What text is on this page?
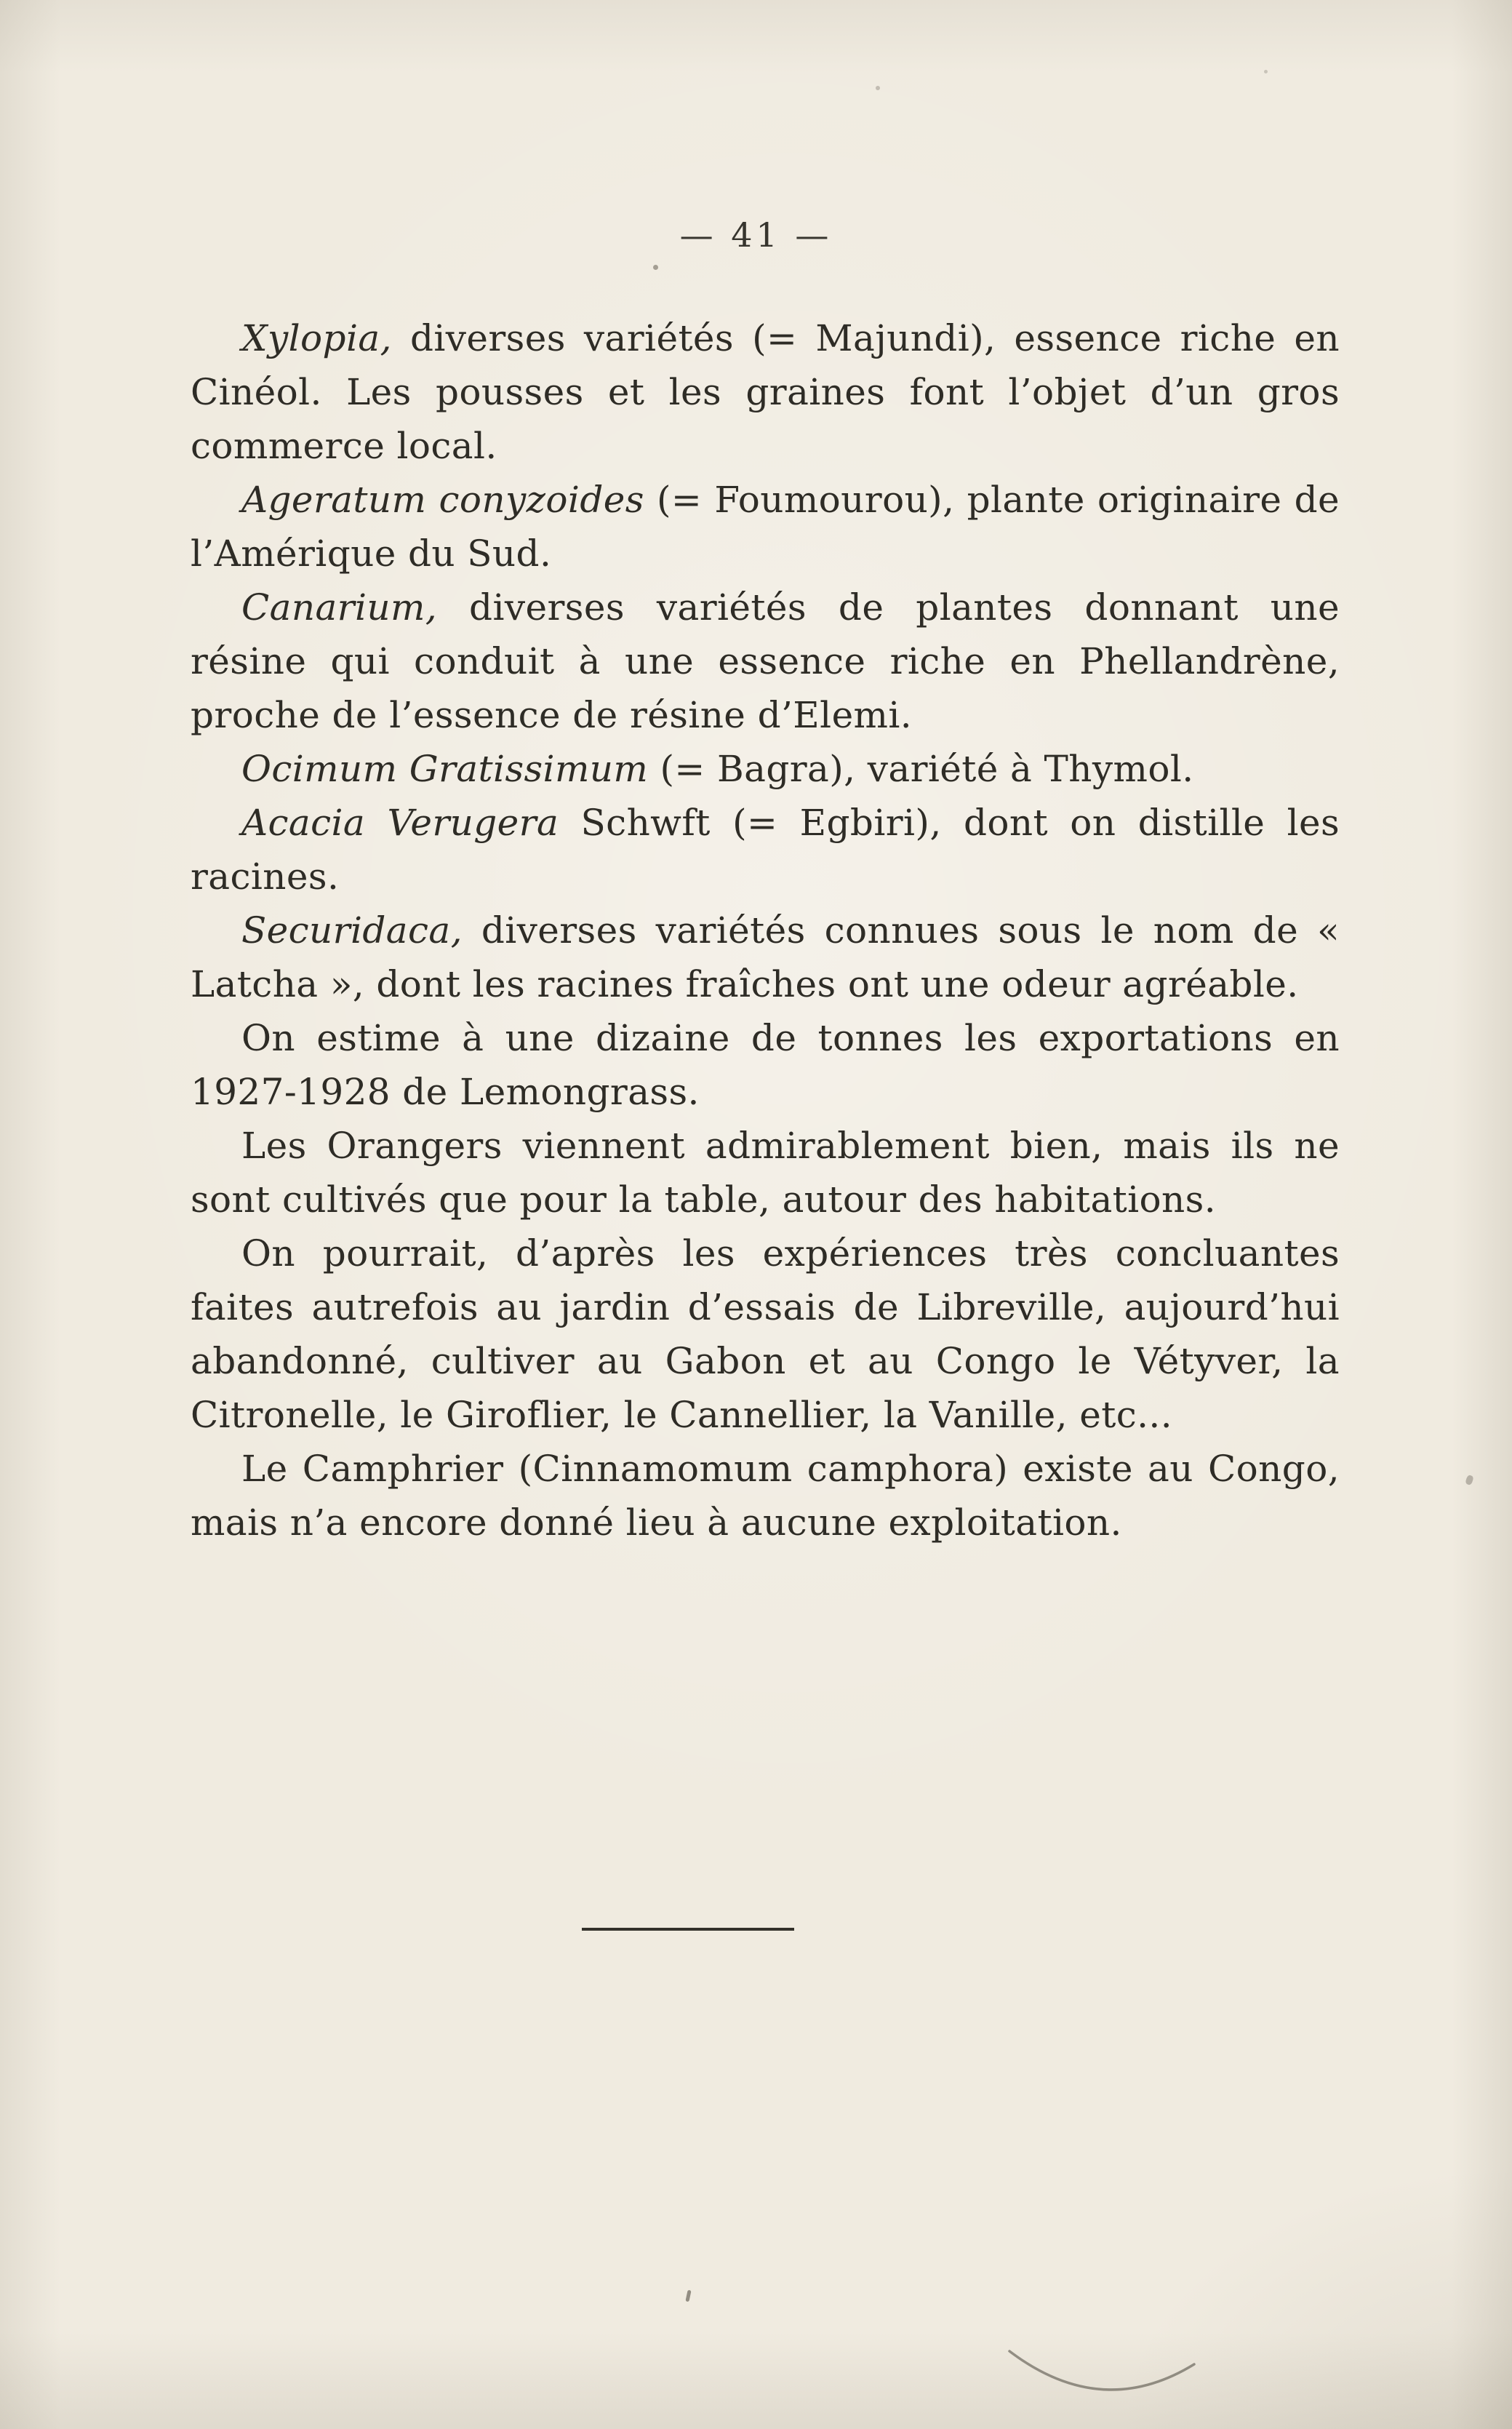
— 41 —

Xylopia, diverses variétés (= Majundi), essence riche en Cinéol. Les pousses et les graines font l’objet d’un gros commerce local.

Ageratum conyzoides (= Foumourou), plante originaire de l’Amérique du Sud.

Canarium, diverses variétés de plantes donnant une résine qui conduit à une essence riche en Phellandrène, proche de l’essence de résine d’Elemi.

Ocimum Gratissimum (= Bagra), variété à Thymol.

Acacia Verugera Schwft (= Egbiri), dont on distille les racines.

Securidaca, diverses variétés connues sous le nom de « Latcha », dont les racines fraîches ont une odeur agréable.

On estime à une dizaine de tonnes les exportations en 1927-1928 de Lemongrass.

Les Orangers viennent admirablement bien, mais ils ne sont cultivés que pour la table, autour des habitations.

On pourrait, d’après les expériences très concluantes faites autrefois au jardin d’essais de Libreville, aujourd’hui abandonné, cultiver au Gabon et au Congo le Vétyver, la Citronelle, le Giroflier, le Cannellier, la Vanille, etc...

Le Camphrier (Cinnamomum camphora) existe au Congo, mais n’a encore donné lieu à aucune exploitation.
